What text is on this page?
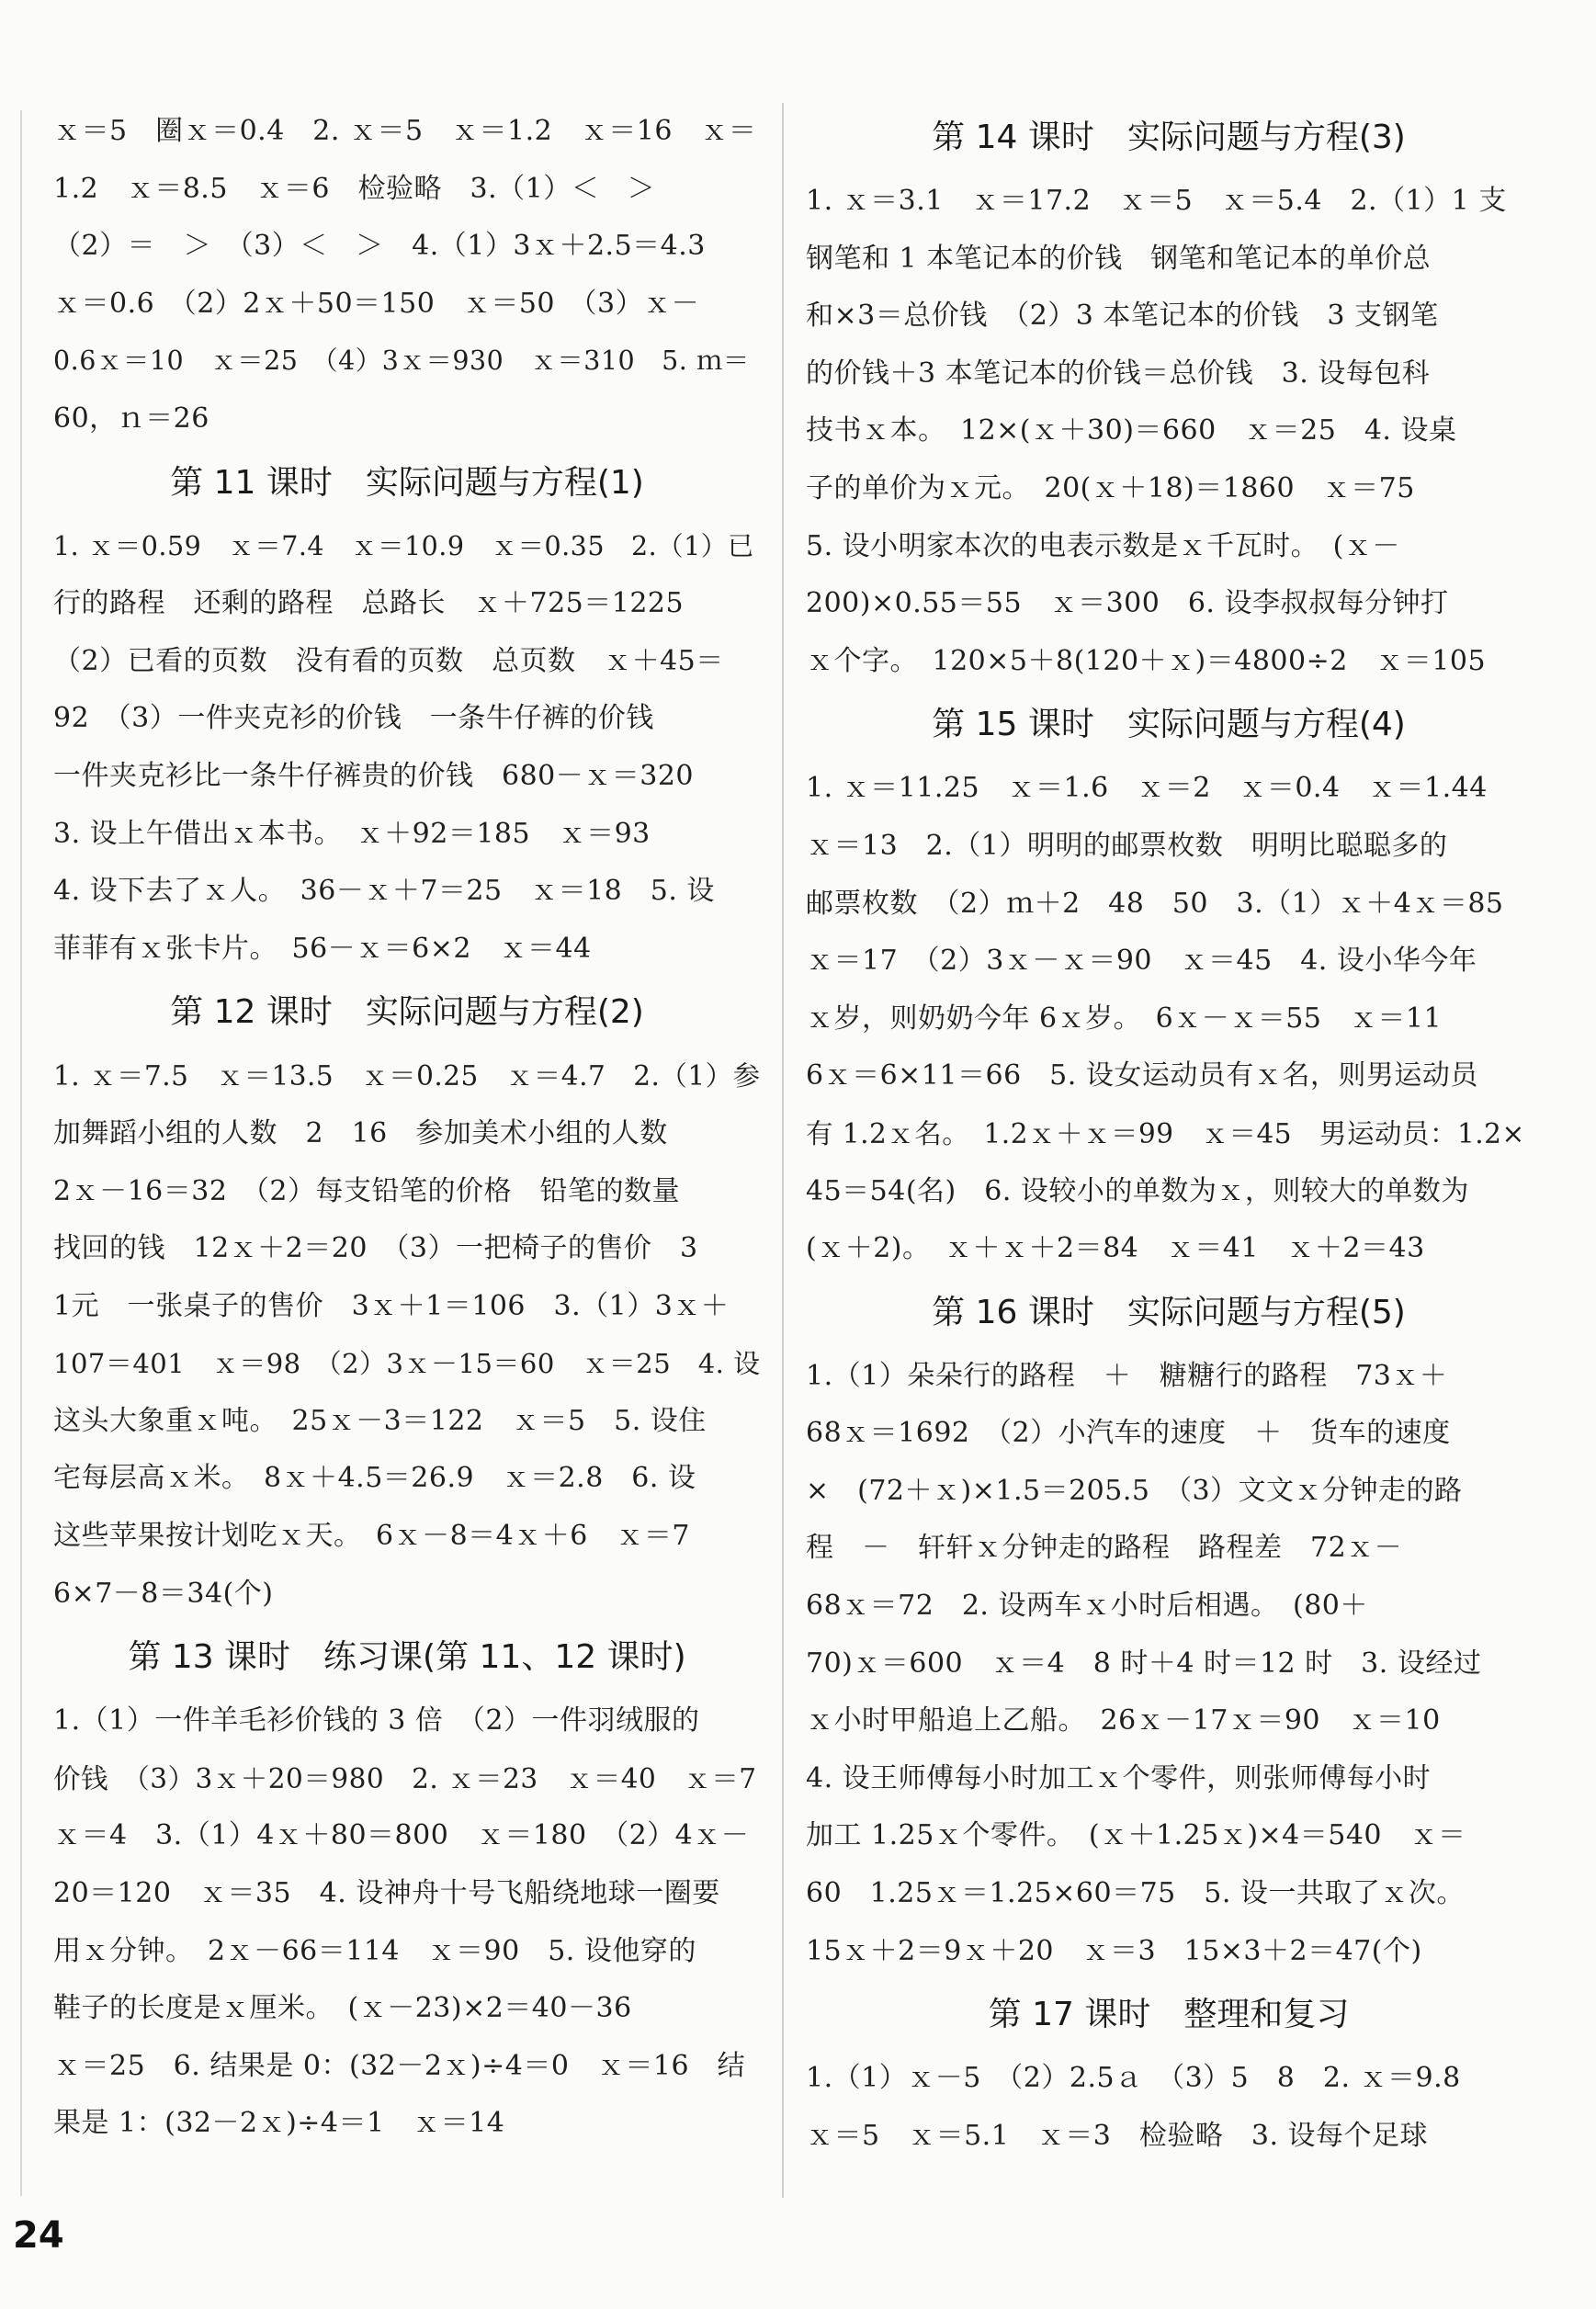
ｘ＝5　圈ｘ＝0.4　2. ｘ＝5　ｘ＝1.2　ｘ＝16　ｘ＝
1.2　ｘ＝8.5　ｘ＝6　检验略　3.（1）＜　＞
（2）＝　＞　（3）＜　＞　4.（1）3ｘ＋2.5＝4.3
ｘ＝0.6　（2）2ｘ＋50＝150　ｘ＝50　（3）ｘ－
0.6ｘ＝10　ｘ＝25　（4）3ｘ＝930　ｘ＝310　5. ｍ＝
60，ｎ＝26
第 11 课时　实际问题与方程(1)
1. ｘ＝0.59　ｘ＝7.4　ｘ＝10.9　ｘ＝0.35　2.（1）已
行的路程　还剩的路程　总路长　ｘ＋725＝1225
（2）已看的页数　没有看的页数　总页数　ｘ＋45＝
92　（3）一件夹克衫的价钱　一条牛仔裤的价钱
一件夹克衫比一条牛仔裤贵的价钱　680－ｘ＝320
3. 设上午借出ｘ本书。　ｘ＋92＝185　ｘ＝93
4. 设下去了ｘ人。　36－ｘ＋7＝25　ｘ＝18　5. 设
菲菲有ｘ张卡片。　56－ｘ＝6×2　ｘ＝44
第 12 课时　实际问题与方程(2)
1. ｘ＝7.5　ｘ＝13.5　ｘ＝0.25　ｘ＝4.7　2.（1）参
加舞蹈小组的人数　2　16　参加美术小组的人数
2ｘ－16＝32　（2）每支铅笔的价格　铅笔的数量
找回的钱　12ｘ＋2＝20　（3）一把椅子的售价　3
1元　一张桌子的售价　3ｘ＋1＝106　3.（1）3ｘ＋
107＝401　ｘ＝98　（2）3ｘ－15＝60　ｘ＝25　4. 设
这头大象重ｘ吨。　25ｘ－3＝122　ｘ＝5　5. 设住
宅每层高ｘ米。　8ｘ＋4.5＝26.9　ｘ＝2.8　6. 设
这些苹果按计划吃ｘ天。　6ｘ－8＝4ｘ＋6　ｘ＝7
6×7－8＝34(个)
第 13 课时　练习课(第 11、12 课时)
1.（1）一件羊毛衫价钱的 3 倍　（2）一件羽绒服的
价钱　（3）3ｘ＋20＝980　2. ｘ＝23　ｘ＝40　ｘ＝7
ｘ＝4　3.（1）4ｘ＋80＝800　ｘ＝180　（2）4ｘ－
20＝120　ｘ＝35　4. 设神舟十号飞船绕地球一圈要
用ｘ分钟。　2ｘ－66＝114　ｘ＝90　5. 设他穿的
鞋子的长度是ｘ厘米。　(ｘ－23)×2＝40－36
ｘ＝25　6. 结果是 0：(32－2ｘ)÷4＝0　ｘ＝16　结
果是 1：(32－2ｘ)÷4＝1　ｘ＝14
第 14 课时　实际问题与方程(3)
1. ｘ＝3.1　ｘ＝17.2　ｘ＝5　ｘ＝5.4　2.（1）1 支
钢笔和 1 本笔记本的价钱　钢笔和笔记本的单价总
和×3＝总价钱　（2）3 本笔记本的价钱　3 支钢笔
的价钱＋3 本笔记本的价钱＝总价钱　3. 设每包科
技书ｘ本。　12×(ｘ＋30)＝660　ｘ＝25　4. 设桌
子的单价为ｘ元。　20(ｘ＋18)＝1860　ｘ＝75
5. 设小明家本次的电表示数是ｘ千瓦时。　(ｘ－
200)×0.55＝55　ｘ＝300　6. 设李叔叔每分钟打
ｘ个字。　120×5＋8(120＋ｘ)＝4800÷2　ｘ＝105
第 15 课时　实际问题与方程(4)
1. ｘ＝11.25　ｘ＝1.6　ｘ＝2　ｘ＝0.4　ｘ＝1.44
ｘ＝13　2.（1）明明的邮票枚数　明明比聪聪多的
邮票枚数　（2）ｍ＋2　48　50　3.（1）ｘ＋4ｘ＝85
ｘ＝17　（2）3ｘ－ｘ＝90　ｘ＝45　4. 设小华今年
ｘ岁，则奶奶今年 6ｘ岁。　6ｘ－ｘ＝55　ｘ＝11
6ｘ＝6×11＝66　5. 设女运动员有ｘ名，则男运动员
有 1.2ｘ名。　1.2ｘ＋ｘ＝99　ｘ＝45　男运动员：1.2×
45＝54(名)　6. 设较小的单数为ｘ，则较大的单数为
(ｘ＋2)。　ｘ＋ｘ＋2＝84　ｘ＝41　ｘ＋2＝43
第 16 课时　实际问题与方程(5)
1.（1）朵朵行的路程　＋　糖糖行的路程　73ｘ＋
68ｘ＝1692　（2）小汽车的速度　＋　货车的速度
×　(72＋ｘ)×1.5＝205.5　（3）文文ｘ分钟走的路
程　－　轩轩ｘ分钟走的路程　路程差　72ｘ－
68ｘ＝72　2. 设两车ｘ小时后相遇。　(80＋
70)ｘ＝600　ｘ＝4　8 时＋4 时＝12 时　3. 设经过
ｘ小时甲船追上乙船。　26ｘ－17ｘ＝90　ｘ＝10
4. 设王师傅每小时加工ｘ个零件，则张师傅每小时
加工 1.25ｘ个零件。　(ｘ＋1.25ｘ)×4＝540　ｘ＝
60　1.25ｘ＝1.25×60＝75　5. 设一共取了ｘ次。
15ｘ＋2＝9ｘ＋20　ｘ＝3　15×3＋2＝47(个)
第 17 课时　整理和复习
1.（1）ｘ－5　（2）2.5ａ　（3）5　8　2. ｘ＝9.8
ｘ＝5　ｘ＝5.1　ｘ＝3　检验略　3. 设每个足球
24
